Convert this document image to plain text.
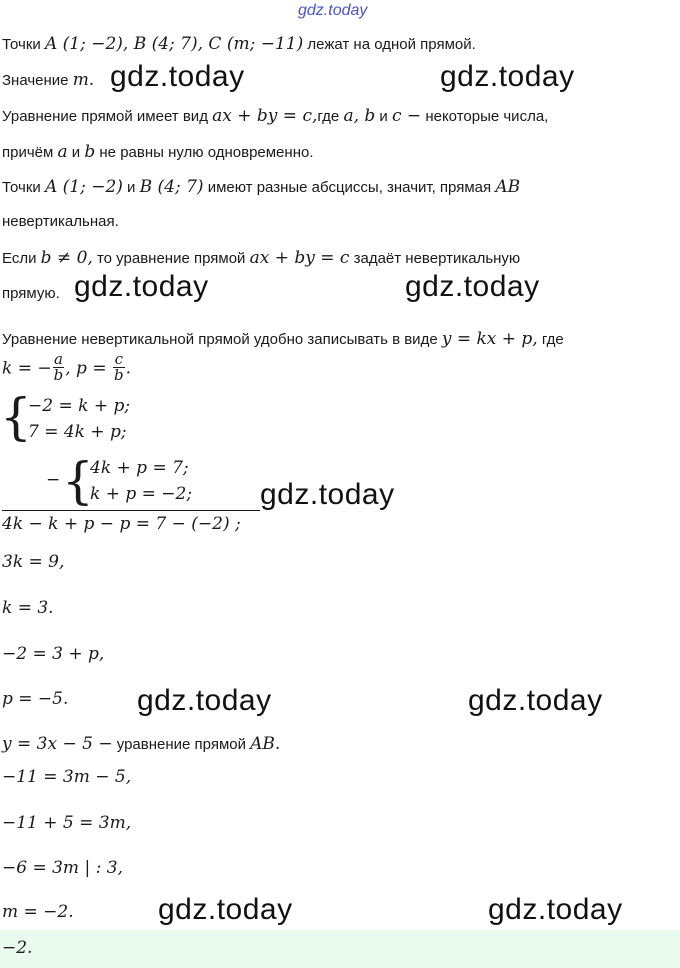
gdz.today
Точки A (1; −2), B (4; 7), C (m; −11) лежат на одной прямой.
Значение m. gdz.today	gdz.today
Уравнение прямой имеет вид ax + by = c,где a, b и c − некоторые числа,
причём a и b не равны нулю одновременно.
Точки A (1; −2) и B (4; 7) имеют разные абсциссы, значит, прямая AB
невертикальная.
Если b ≠ 0, то уравнение прямой ax + by = c задаёт невертикальную
прямую. gdz.today	gdz.today
Уравнение невертикальной прямой удобно записывать в виде y = kx + p, где
k = − $\frac{a}{b}$ , $p = \frac{c}{b}$ .
{
−2 = k + p;
7 = 4k + p;
− {
4k + p = 7;
k + p = −2;
4k − k + p − p = 7 − (−2) ;
gdz.today
3k = 9,
k = 3.
−2 = 3 + p,
p = −5. gdz.today	gdz.today
y = 3x − 5 − уравнение прямой AB.
−11 = 3m − 5,
−11 + 5 = 3m,
−6 = 3m | : 3,
m = −2.	gdz.today	gdz.today
−2.
